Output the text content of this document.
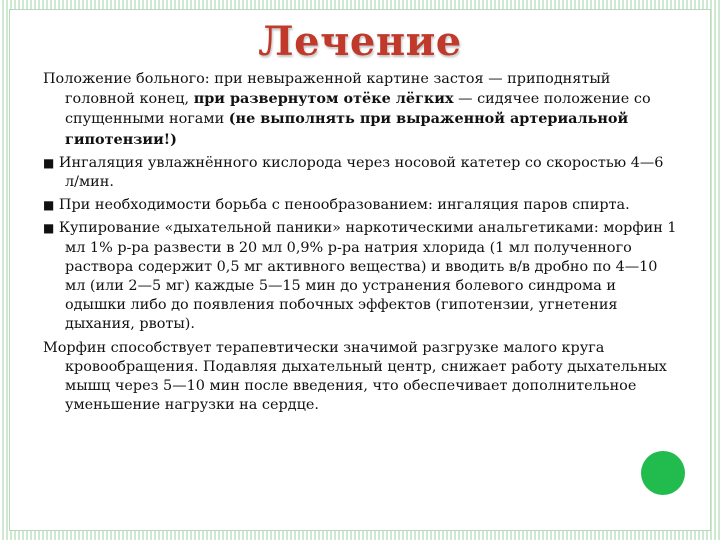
Лечение

Положение больного: при невыраженной картине застоя — приподнятый головной конец, при развернутом отёке лёгких — сидячее положение со спущенными ногами (не выполнять при выраженной артериальной гипотензии!)

■ Ингаляция увлажнённого кислорода через носовой катетер со скоростью 4—6 л/мин.

■ При необходимости борьба с пенообразованием: ингаляция паров спирта.

■ Купирование «дыхательной паники» наркотическими анальгетиками: морфин 1 мл 1% р-ра развести в 20 мл 0,9% р-ра натрия хлорида (1 мл полученного раствора содержит 0,5 мг активного вещества) и вводить в/в дробно по 4—10 мл (или 2—5 мг) каждые 5—15 мин до устранения болевого синдрома и одышки либо до появления побочных эффектов (гипотензии, угнетения дыхания, рвоты).

Морфин способствует терапевтически значимой разгрузке малого круга кровообращения. Подавляя дыхательный центр, снижает работу дыхательных мышц через 5—10 мин после введения, что обеспечивает дополнительное уменьшение нагрузки на сердце.
